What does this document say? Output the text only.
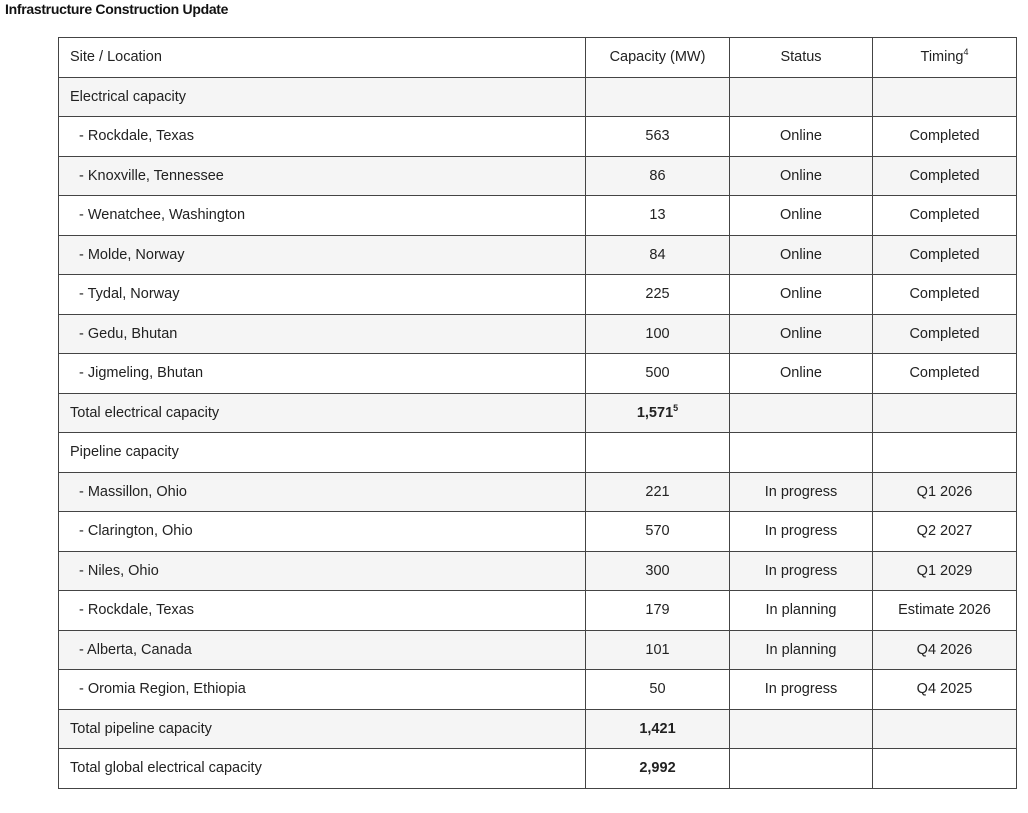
Infrastructure Construction Update
Site / Location	Capacity (MW)	Status	Timing$^4$
Electrical capacity			
- Rockdale, Texas	563	Online	Completed
- Knoxville, Tennessee	86	Online	Completed
- Wenatchee, Washington	13	Online	Completed
- Molde, Norway	84	Online	Completed
- Tydal, Norway	225	Online	Completed
- Gedu, Bhutan	100	Online	Completed
- Jigmeling, Bhutan	500	Online	Completed
Total electrical capacity	1,571$^5$		
Pipeline capacity			
- Massillon, Ohio	221	In progress	Q1 2026
- Clarington, Ohio	570	In progress	Q2 2027
- Niles, Ohio	300	In progress	Q1 2029
- Rockdale, Texas	179	In planning	Estimate 2026
- Alberta, Canada	101	In planning	Q4 2026
- Oromia Region, Ethiopia	50	In progress	Q4 2025
Total pipeline capacity	1,421		
Total global electrical capacity	2,992		
